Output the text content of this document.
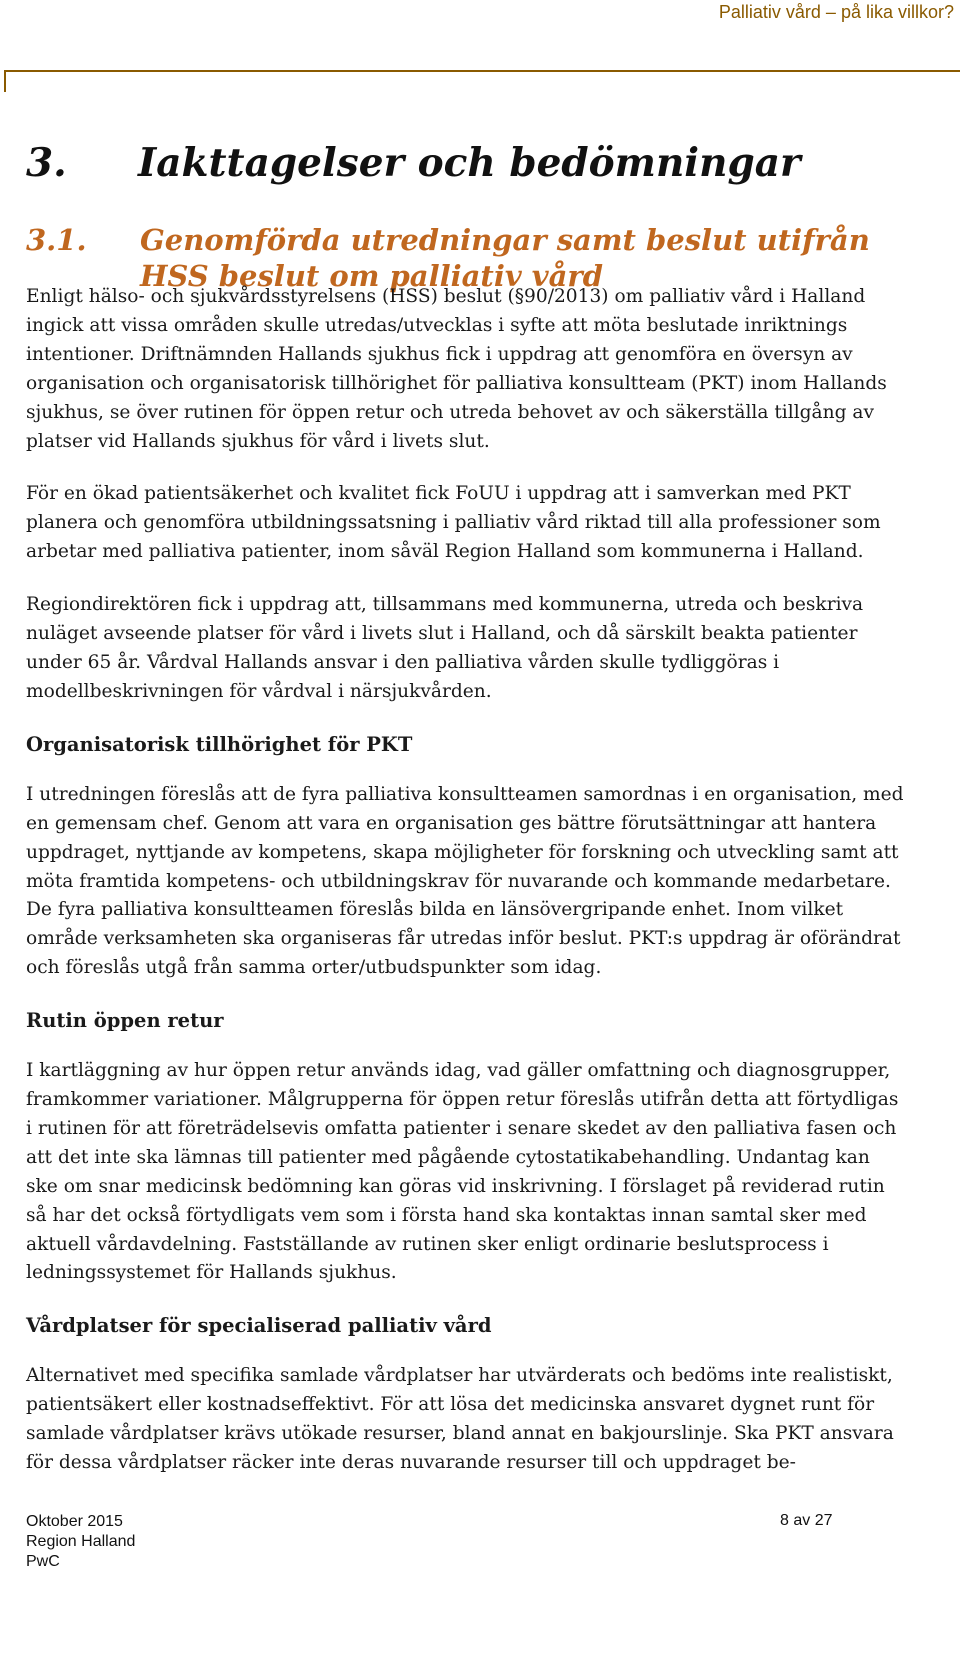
Palliativ vård – på lika villkor?
3. Iakttagelser och bedömningar
3.1. Genomförda utredningar samt beslut utifrån HSS beslut om palliativ vård

Enligt hälso- och sjukvårdsstyrelsens (HSS) beslut (§90/2013) om palliativ vård i Halland ingick att vissa områden skulle utredas/utvecklas i syfte att möta beslutade inriktnings intentioner. Driftnämnden Hallands sjukhus fick i uppdrag att genomföra en översyn av organisation och organisatorisk tillhörighet för palliativa konsultteam (PKT) inom Hallands sjukhus, se över rutinen för öppen retur och utreda behovet av och säkerställa tillgång av platser vid Hallands sjukhus för vård i livets slut.

För en ökad patientsäkerhet och kvalitet fick FoUU i uppdrag att i samverkan med PKT planera och genomföra utbildningssatsning i palliativ vård riktad till alla professioner som arbetar med palliativa patienter, inom såväl Region Halland som kommunerna i Halland.

Regiondirektören fick i uppdrag att, tillsammans med kommunerna, utreda och beskriva nuläget avseende platser för vård i livets slut i Halland, och då särskilt beakta patienter under 65 år. Vårdval Hallands ansvar i den palliativa vården skulle tydliggöras i modellbeskrivningen för vårdval i närsjukvården.

Organisatorisk tillhörighet för PKT

I utredningen föreslås att de fyra palliativa konsultteamen samordnas i en organisation, med en gemensam chef. Genom att vara en organisation ges bättre förutsättningar att hantera uppdraget, nyttjande av kompetens, skapa möjligheter för forskning och utveckling samt att möta framtida kompetens- och utbildningskrav för nuvarande och kommande medarbetare. De fyra palliativa konsultteamen föreslås bilda en länsövergripande enhet. Inom vilket område verksamheten ska organiseras får utredas inför beslut. PKT:s uppdrag är oförändrat och föreslås utgå från samma orter/utbudspunkter som idag.

Rutin öppen retur

I kartläggning av hur öppen retur används idag, vad gäller omfattning och diagnosgrupper, framkommer variationer. Målgrupperna för öppen retur föreslås utifrån detta att förtydligas i rutinen för att företrädelsevis omfatta patienter i senare skedet av den palliativa fasen och att det inte ska lämnas till patienter med pågående cytostatikabehandling. Undantag kan ske om snar medicinsk bedömning kan göras vid inskrivning. I förslaget på reviderad rutin så har det också förtydligats vem som i första hand ska kontaktas innan samtal sker med aktuell vårdavdelning. Fastställande av rutinen sker enligt ordinarie beslutsprocess i ledningssystemet för Hallands sjukhus.

Vårdplatser för specialiserad palliativ vård

Alternativet med specifika samlade vårdplatser har utvärderats och bedöms inte realistiskt, patientsäkert eller kostnadseffektivt. För att lösa det medicinska ansvaret dygnet runt för samlade vårdplatser krävs utökade resurser, bland annat en bakjourslinje. Ska PKT ansvara för dessa vårdplatser räcker inte deras nuvarande resurser till och uppdraget be-

Oktober 2015
Region Halland
PwC
8 av 27
